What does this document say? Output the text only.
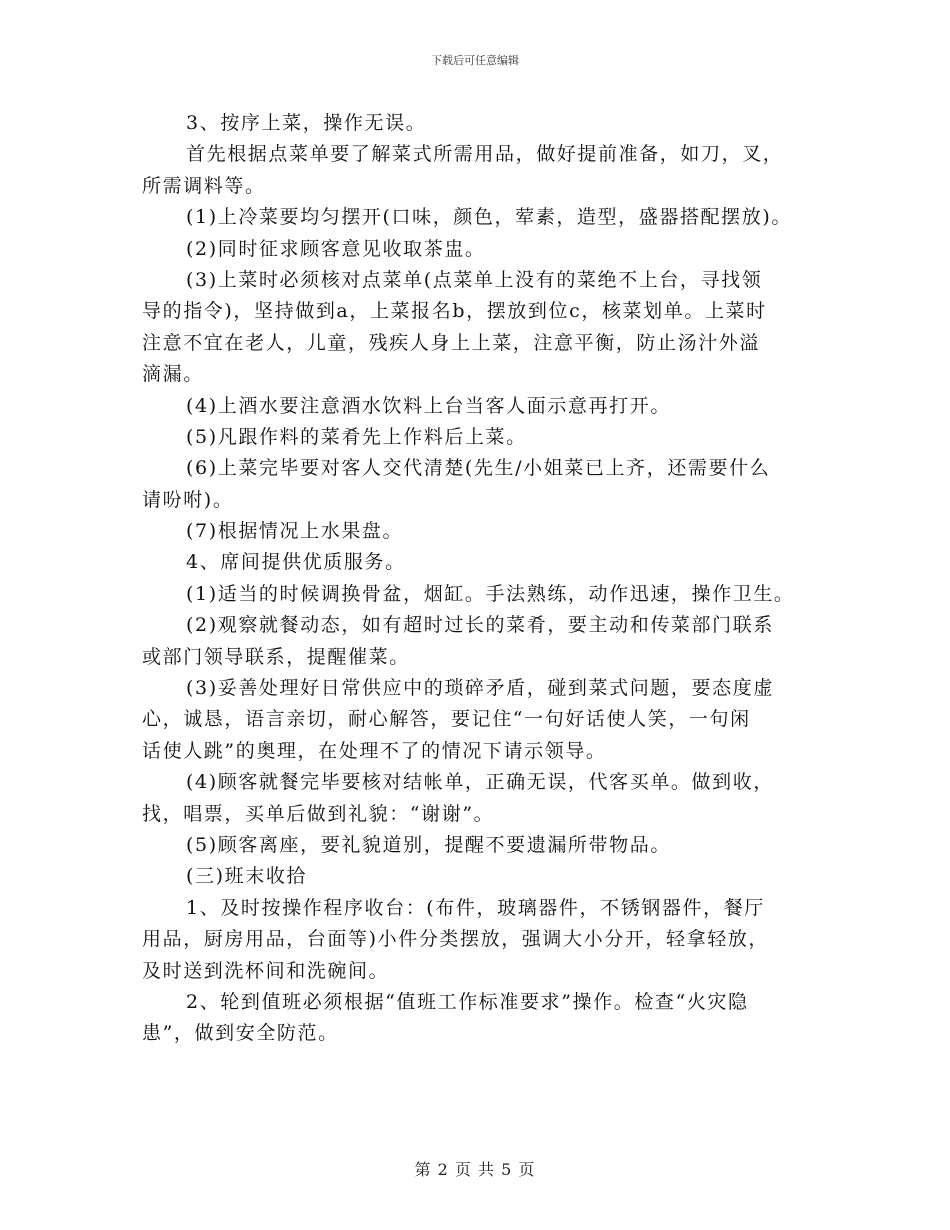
下载后可任意编辑
3、按序上菜，操作无误。
首先根据点菜单要了解菜式所需用品，做好提前准备，如刀，叉，
所需调料等。
(1)上冷菜要均匀摆开(口味，颜色，荤素，造型，盛器搭配摆放)。
(2)同时征求顾客意见收取茶盅。
(3)上菜时必须核对点菜单(点菜单上没有的菜绝不上台，寻找领
导的指令)，坚持做到a，上菜报名b，摆放到位c，核菜划单。上菜时
注意不宜在老人，儿童，残疾人身上上菜，注意平衡，防止汤汁外溢
滴漏。
(4)上酒水要注意酒水饮料上台当客人面示意再打开。
(5)凡跟作料的菜肴先上作料后上菜。
(6)上菜完毕要对客人交代清楚(先生/小姐菜已上齐，还需要什么
请吩咐)。
(7)根据情况上水果盘。
4、席间提供优质服务。
(1)适当的时候调换骨盆，烟缸。手法熟练，动作迅速，操作卫生。
(2)观察就餐动态，如有超时过长的菜肴，要主动和传菜部门联系
或部门领导联系，提醒催菜。
(3)妥善处理好日常供应中的琐碎矛盾，碰到菜式问题，要态度虚
心，诚恳，语言亲切，耐心解答，要记住“一句好话使人笑，一句闲
话使人跳”的奥理，在处理不了的情况下请示领导。
(4)顾客就餐完毕要核对结帐单，正确无误，代客买单。做到收，
找，唱票，买单后做到礼貌：“谢谢”。
(5)顾客离座，要礼貌道别，提醒不要遗漏所带物品。
(三)班末收拾
1、及时按操作程序收台：(布件，玻璃器件，不锈钢器件，餐厅
用品，厨房用品，台面等)小件分类摆放，强调大小分开，轻拿轻放，
及时送到洗杯间和洗碗间。
2、轮到值班必须根据“值班工作标准要求”操作。检查“火灾隐
患”，做到安全防范。
第 2 页 共 5 页
